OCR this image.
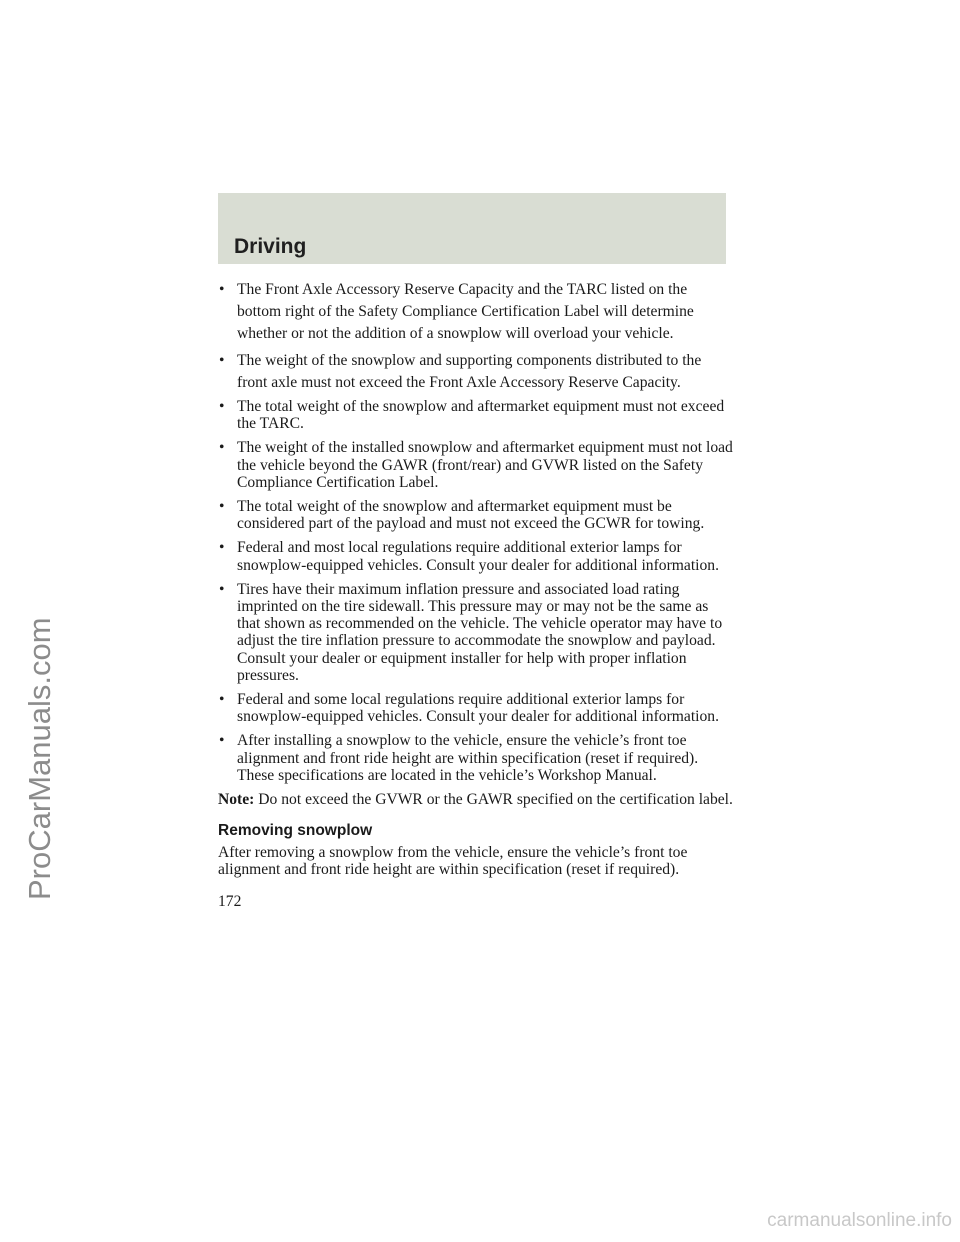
ProCarManuals.com
Driving
• The Front Axle Accessory Reserve Capacity and the TARC listed on the bottom right of the Safety Compliance Certification Label will determine whether or not the addition of a snowplow will overload your vehicle.
• The weight of the snowplow and supporting components distributed to the front axle must not exceed the Front Axle Accessory Reserve Capacity.
• The total weight of the snowplow and aftermarket equipment must not exceed the TARC.
• The weight of the installed snowplow and aftermarket equipment must not load the vehicle beyond the GAWR (front/rear) and GVWR listed on the Safety Compliance Certification Label.
• The total weight of the snowplow and aftermarket equipment must be considered part of the payload and must not exceed the GCWR for towing.
• Federal and most local regulations require additional exterior lamps for snowplow-equipped vehicles. Consult your dealer for additional information.
• Tires have their maximum inflation pressure and associated load rating imprinted on the tire sidewall. This pressure may or may not be the same as that shown as recommended on the vehicle. The vehicle operator may have to adjust the tire inflation pressure to accommodate the snowplow and payload. Consult your dealer or equipment installer for help with proper inflation pressures.
• Federal and some local regulations require additional exterior lamps for snowplow-equipped vehicles. Consult your dealer for additional information.
• After installing a snowplow to the vehicle, ensure the vehicle’s front toe alignment and front ride height are within specification (reset if required). These specifications are located in the vehicle’s Workshop Manual.

Note: Do not exceed the GVWR or the GAWR specified on the certification label.

Removing snowplow

After removing a snowplow from the vehicle, ensure the vehicle’s front toe alignment and front ride height are within specification (reset if required).

172
carmanualsonline.info
